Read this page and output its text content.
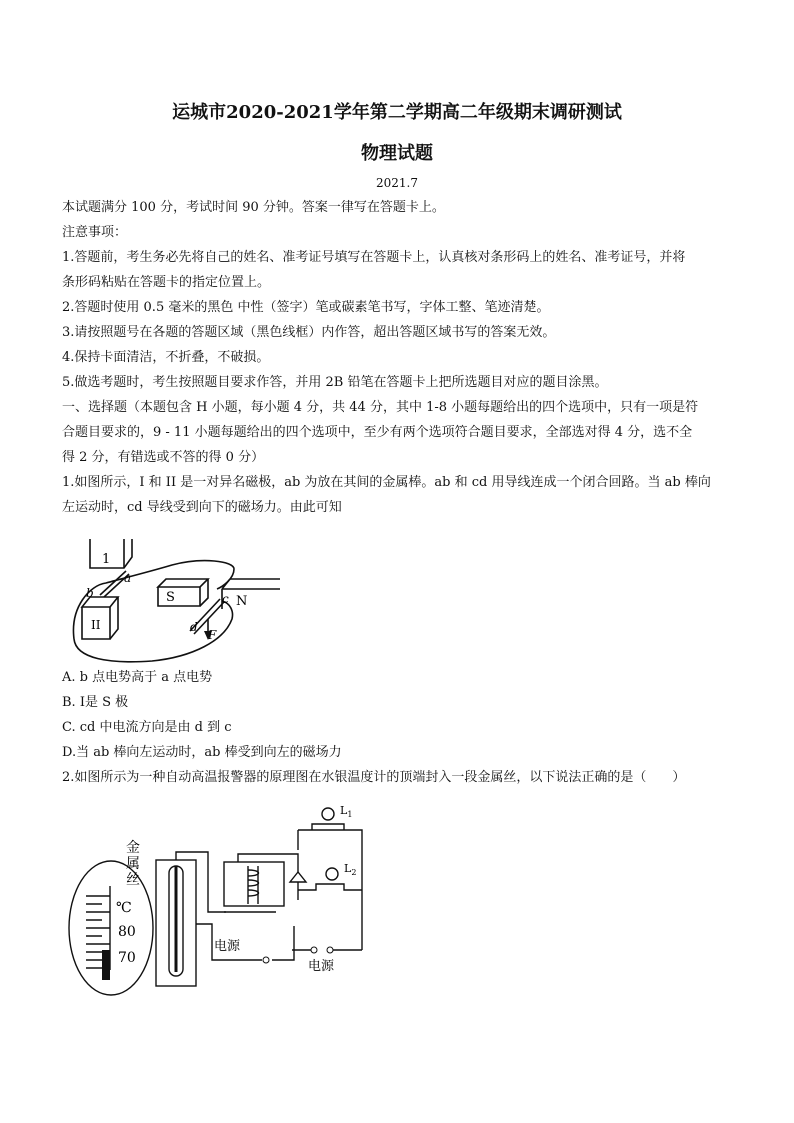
运城市2020-2021学年第二学期高二年级期末调研测试
物理试题
2021.7
本试题满分 100 分，考试时间 90 分钟。答案一律写在答题卡上。
注意事项：
1.答题前，考生务必先将自己的姓名、准考证号填写在答题卡上，认真核对条形码上的姓名、准考证号，并将
条形码粘贴在答题卡的指定位置上。
2.答题时使用 0.5 毫米的黑色 中性（签字）笔或碳素笔书写，字体工整、笔迹清楚。
3.请按照题号在各题的答题区域（黑色线框）内作答，超出答题区域书写的答案无效。
4.保持卡面清洁，不折叠，不破损。
5.做选考题时，考生按照题目要求作答，并用 2B 铅笔在答题卡上把所选题目对应的题目涂黑。
一、选择题（本题包含 H 小题，每小题 4 分，共 44 分，其中 1-8 小题每题给出的四个选项中，只有一项是符
合题目要求的，9 - 11 小题每题给出的四个选项中，至少有两个选项符合题目要求，全部选对得 4 分，选不全
得 2 分，有错选或不答的得 0 分）
1.如图所示，I 和 II 是一对异名磁极，ab 为放在其间的金属棒。ab 和 cd 用导线连成一个闭合回路。当 ab 棒向
左运动时，cd 导线受到向下的磁场力。由此可知
1
a
b
II
S	c N
d
F
A. b 点电势高于 a 点电势
B. I是 S 极
C. cd 中电流方向是由 d 到 c
D.当 ab 棒向左运动时，ab 棒受到向左的磁场力
2.如图所示为一种自动高温报警器的原理图在水银温度计的顶端封入一段金属丝，以下说法正确的是（　　）
金
属
丝
℃
80
70
电源
电源
$L_1$
$L_2$
